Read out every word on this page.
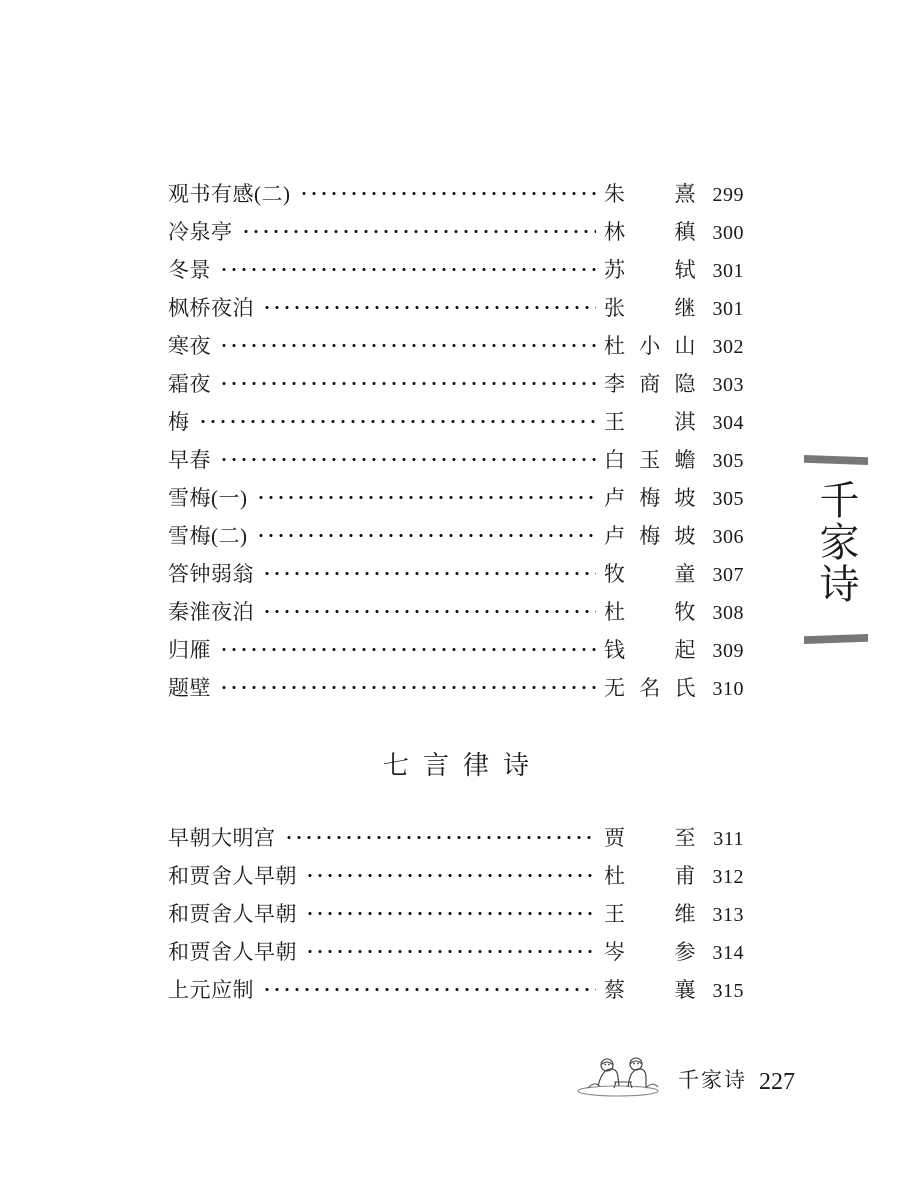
观书有感(二)	朱熹 299
冷泉亭	林稹 300
冬景	苏轼 301
枫桥夜泊	张继 301
寒夜	杜小山 302
霜夜	李商隐 303
梅	王淇 304
早春	白玉蟾 305
雪梅(一)	卢梅坡 305
雪梅(二)	卢梅坡 306
答钟弱翁	牧童 307
秦淮夜泊	杜牧 308
归雁	钱起 309
题壁	无名氏 310
七言律诗
早朝大明宫	贾至 311
和贾舍人早朝	杜甫 312
和贾舍人早朝	王维 313
和贾舍人早朝	岑参 314
上元应制	蔡襄 315
千家诗
千家诗 227
